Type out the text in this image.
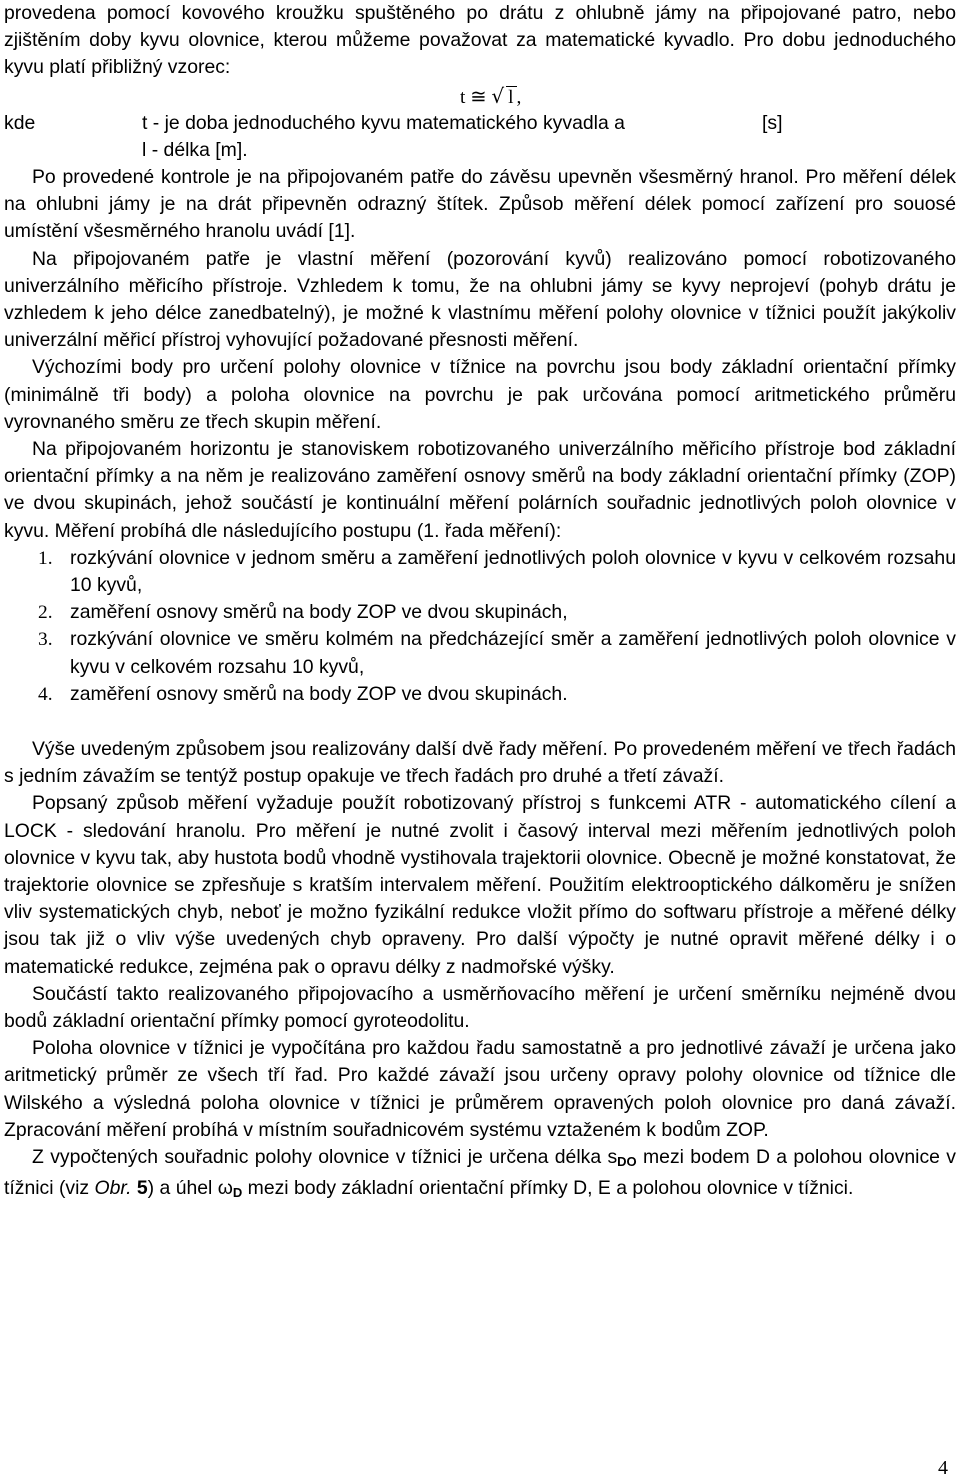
provedena pomocí kovového kroužku spuštěného po drátu z ohlubně jámy na připojované patro, nebo zjištěním doby kyvu olovnice, kterou můžeme považovat za matematické kyvadlo. Pro dobu jednoduchého kyvu platí přibližný vzorec:

t ≅ √ l ,
kde	t - je doba jednoduchého kyvu matematického kyvadla a	[s]
l - délka [m].

Po provedené kontrole je na připojovaném patře do závěsu upevněn všesměrný hranol. Pro měření délek na ohlubni jámy je na drát připevněn odrazný štítek. Způsob měření délek pomocí zařízení pro souosé umístění všesměrného hranolu uvádí [1].

Na připojovaném patře je vlastní měření (pozorování kyvů) realizováno pomocí robotizovaného univerzálního měřicího přístroje. Vzhledem k tomu, že na ohlubni jámy se kyvy neprojeví (pohyb drátu je vzhledem k jeho délce zanedbatelný), je možné k vlastnímu měření polohy olovnice v tížnici použít jakýkoliv univerzální měřicí přístroj vyhovující požadované přesnosti měření.

Výchozími body pro určení polohy olovnice v tížnice na povrchu jsou body základní orientační přímky (minimálně tři body) a poloha olovnice na povrchu je pak určována pomocí aritmetického průměru vyrovnaného směru ze třech skupin měření.

Na připojovaném horizontu je stanoviskem robotizovaného univerzálního měřicího přístroje bod základní orientační přímky a na něm je realizováno zaměření osnovy směrů na body základní orientační přímky (ZOP) ve dvou skupinách, jehož součástí je kontinuální měření polárních souřadnic jednotlivých poloh olovnice v kyvu. Měření probíhá dle následujícího postupu (1. řada měření):

1. rozkývání olovnice v jednom směru a zaměření jednotlivých poloh olovnice v kyvu v celkovém rozsahu 10 kyvů,
2. zaměření osnovy směrů na body ZOP ve dvou skupinách,
3. rozkývání olovnice ve směru kolmém na předcházející směr a zaměření jednotlivých poloh olovnice v kyvu v celkovém rozsahu 10 kyvů,
4. zaměření osnovy směrů na body ZOP ve dvou skupinách.

Výše uvedeným způsobem jsou realizovány další dvě řady měření. Po provedeném měření ve třech řadách s jedním závažím se tentýž postup opakuje ve třech řadách pro druhé a třetí závaží.

Popsaný způsob měření vyžaduje použít robotizovaný přístroj s funkcemi ATR - automatického cílení a LOCK - sledování hranolu. Pro měření je nutné zvolit i časový interval mezi měřením jednotlivých poloh olovnice v kyvu tak, aby hustota bodů vhodně vystihovala trajektorii olovnice. Obecně je možné konstatovat, že trajektorie olovnice se zpřesňuje s kratším intervalem měření. Použitím elektrooptického dálkoměru je snížen vliv systematických chyb, neboť je možno fyzikální redukce vložit přímo do softwaru přístroje a měřené délky jsou tak již o vliv výše uvedených chyb opraveny. Pro další výpočty je nutné opravit měřené délky i o matematické redukce, zejména pak o opravu délky z nadmořské výšky.

Součástí takto realizovaného připojovacího a usměrňovacího měření je určení směrníku nejméně dvou bodů základní orientační přímky pomocí gyroteodolitu.

Poloha olovnice v tížnici je vypočítána pro každou řadu samostatně a pro jednotlivé závaží je určena jako aritmetický průměr ze všech tří řad. Pro každé závaží jsou určeny opravy polohy olovnice od tížnice dle Wilského a výsledná poloha olovnice v tížnici je průměrem opravených poloh olovnice pro daná závaží. Zpracování měření probíhá v místním souřadnicovém systému vztaženém k bodům ZOP.

Z vypočtených souřadnic polohy olovnice v tížnici je určena délka $s_{DO}$ mezi bodem D a polohou olovnice v tížnici (viz Obr. 5) a úhel $\omega_D$ mezi body základní orientační přímky D, E a polohou olovnice v tížnici.

4
